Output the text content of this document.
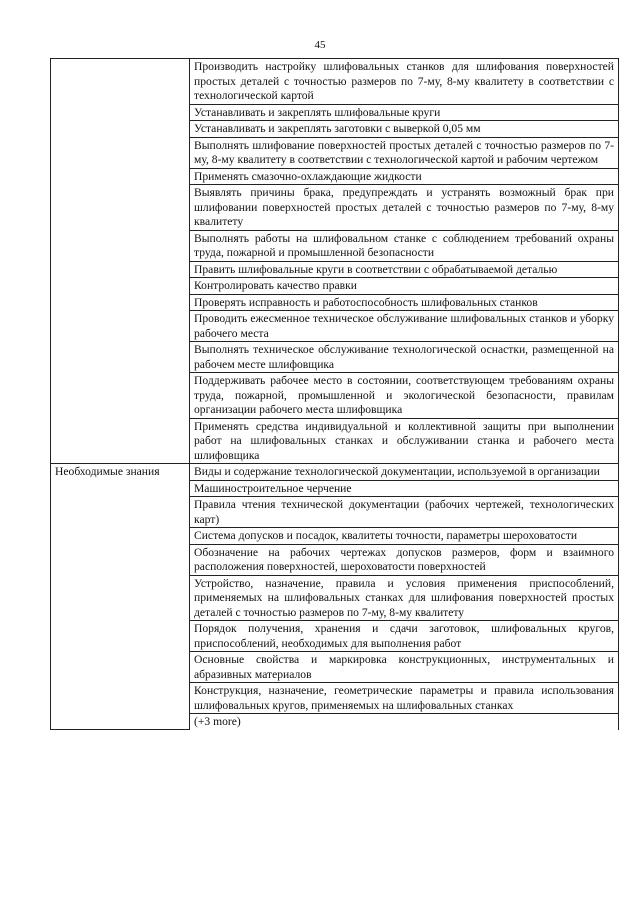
45
	Производить настройку шлифовальных станков для шлифования поверхностей простых деталей с точностью размеров по 7-му, 8-му квалитету в соответствии с технологической картой
	Устанавливать и закреплять шлифовальные круги
	Устанавливать и закреплять заготовки с выверкой 0,05 мм
	Выполнять шлифование поверхностей простых деталей с точностью размеров по 7-му, 8-му квалитету в соответствии с технологической картой и рабочим чертежом
	Применять смазочно-охлаждающие жидкости
	Выявлять причины брака, предупреждать и устранять возможный брак при шлифовании поверхностей простых деталей с точностью размеров по 7-му, 8-му квалитету
	Выполнять работы на шлифовальном станке с соблюдением требований охраны труда, пожарной и промышленной безопасности
	Править шлифовальные круги в соответствии с обрабатываемой деталью
	Контролировать качество правки
	Проверять исправность и работоспособность шлифовальных станков
	Проводить ежесменное техническое обслуживание шлифовальных станков и уборку рабочего места
	Выполнять техническое обслуживание технологической оснастки, размещенной на рабочем месте шлифовщика
	Поддерживать рабочее место в состоянии, соответствующем требованиям охраны труда, пожарной, промышленной и экологической безопасности, правилам организации рабочего места шлифовщика
	Применять средства индивидуальной и коллективной защиты при выполнении работ на шлифовальных станках и обслуживании станка и рабочего места шлифовщика
Необходимые знания	Виды и содержание технологической документации, используемой в организации
	Машиностроительное черчение
	Правила чтения технической документации (рабочих чертежей, технологических карт)
	Система допусков и посадок, квалитеты точности, параметры шероховатости
	Обозначение на рабочих чертежах допусков размеров, форм и взаимного расположения поверхностей, шероховатости поверхностей
	Устройство, назначение, правила и условия применения приспособлений, применяемых на шлифовальных станках для шлифования поверхностей простых деталей с точностью размеров по 7-му, 8-му квалитету
	Порядок получения, хранения и сдачи заготовок, шлифовальных кругов, приспособлений, необходимых для выполнения работ
	Основные свойства и маркировка конструкционных, инструментальных и абразивных материалов
	Конструкция, назначение, геометрические параметры и правила использования шлифовальных кругов, применяемых на шлифовальных станках
	(+3 more)
